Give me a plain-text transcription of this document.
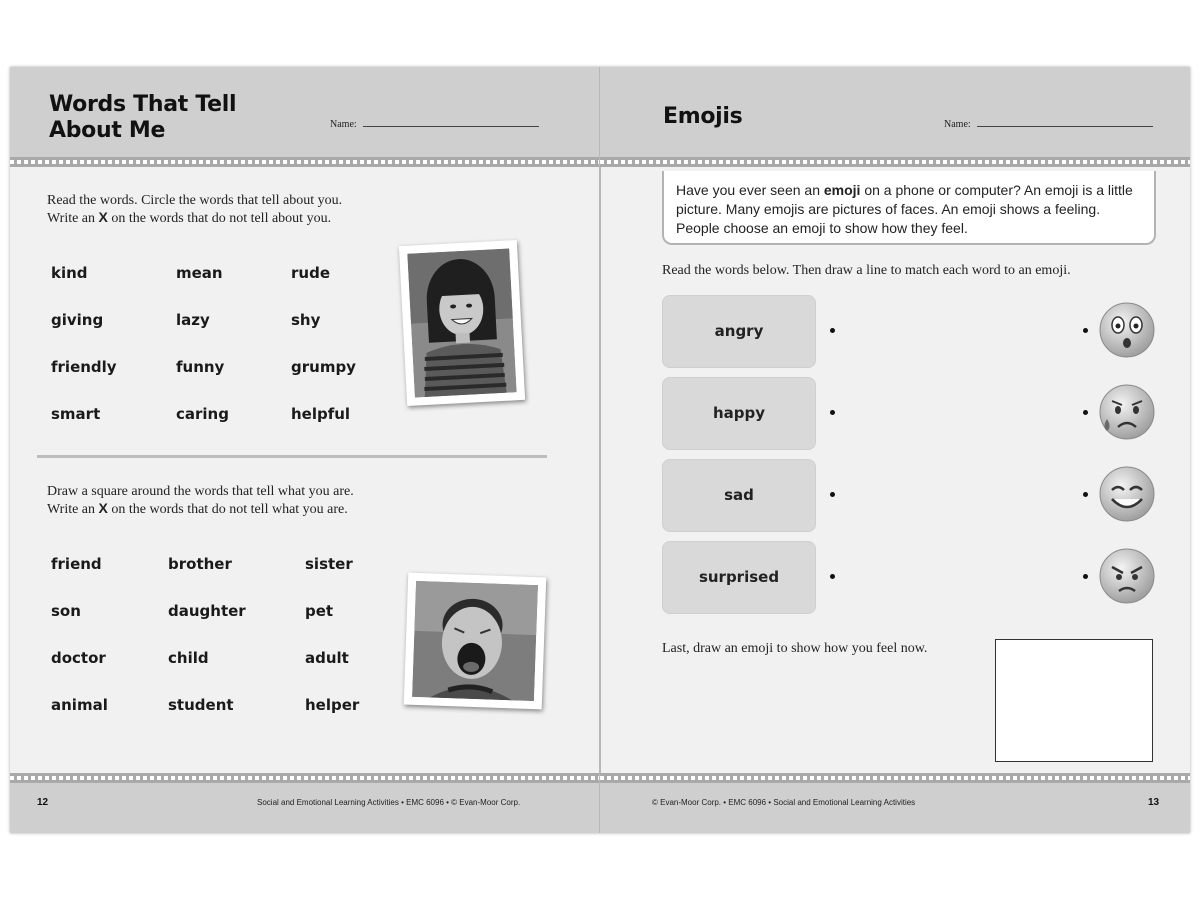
Words That Tell
About Me	Name:
Read the words. Circle the words that tell about you.
Write an X on the words that do not tell about you.
kind	mean	rude
giving	lazy	shy
friendly	funny	grumpy
smart	caring	helpful
Draw a square around the words that tell what you are.
Write an X on the words that do not tell what you are.
friend	brother	sister
son	daughter	pet
doctor	child	adult
animal	student	helper
12	Social and Emotional Learning Activities • EMC 6096 • © Evan-Moor Corp.
Emojis	Name:
Have you ever seen an emoji on a phone or computer? An emoji is a little picture. Many emojis are pictures of faces. An emoji shows a feeling. People choose an emoji to show how they feel.
Read the words below. Then draw a line to match each word to an emoji.
angry
happy
sad
surprised
Last, draw an emoji to show how you feel now.
© Evan-Moor Corp. • EMC 6096 • Social and Emotional Learning Activities	13
